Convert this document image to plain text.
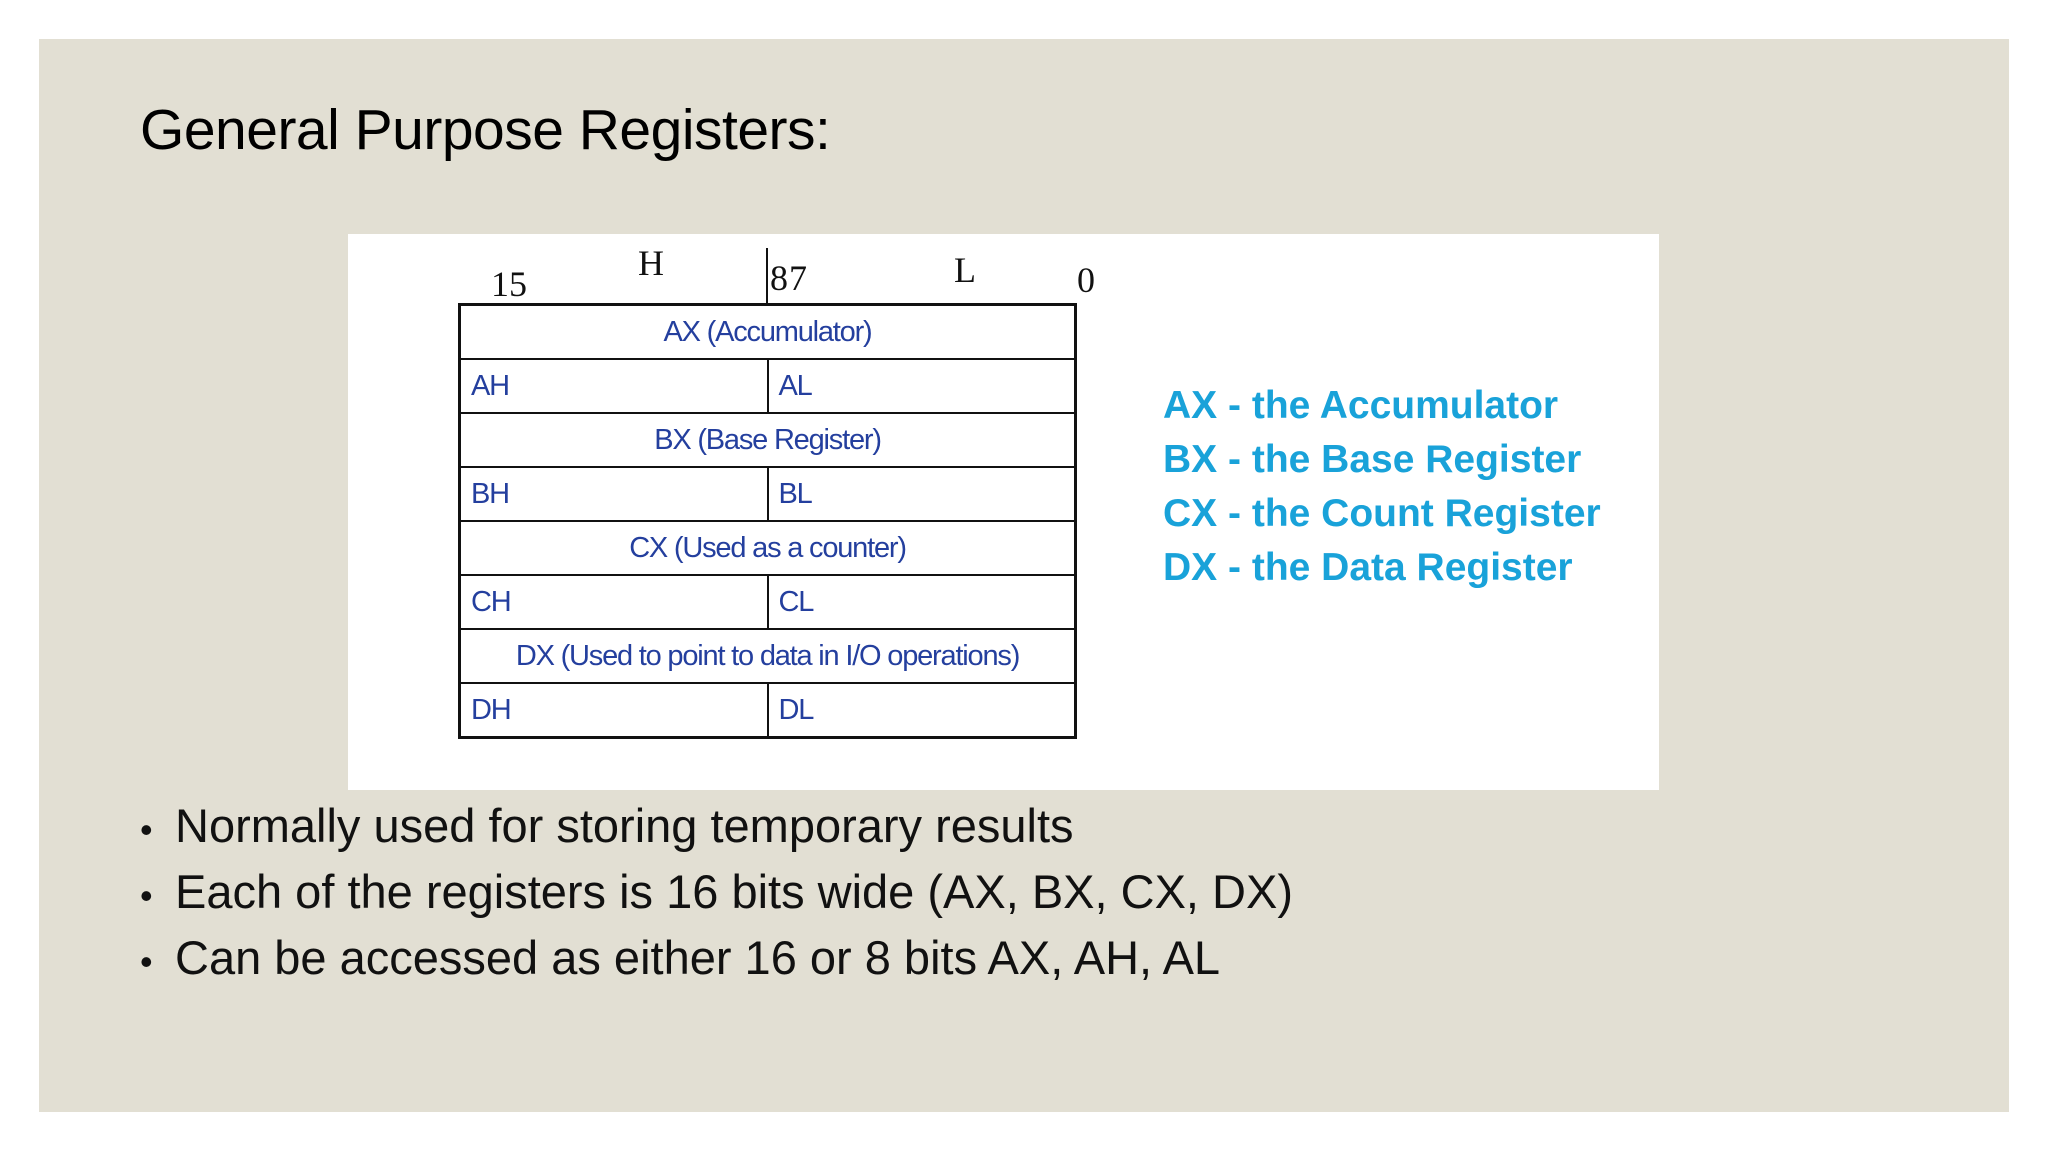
General Purpose Registers:
15
H	8 7	L	0
AX (Accumulator)	
AH	AL
BX (Base Register)	
BH	BL
CX (Used as a counter)	
CH	CL
DX (Used to point to data in I/O operations)	
DH	DL
AX - the Accumulator
BX - the Base Register
CX - the Count Register
DX - the Data Register
• Normally used for storing temporary results
• Each of the registers is 16 bits wide (AX, BX, CX, DX)
• Can be accessed as either 16 or 8 bits AX, AH, AL
